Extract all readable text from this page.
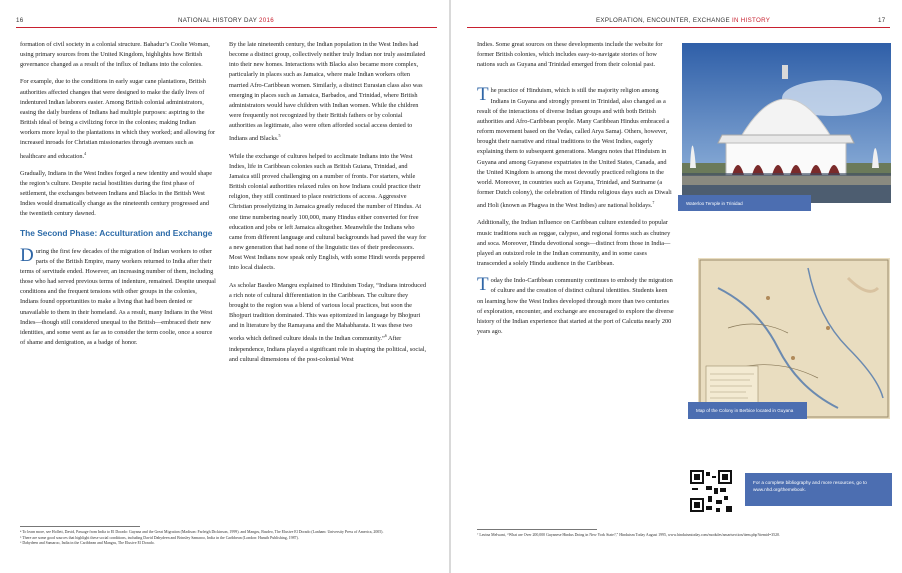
16	NATIONAL HISTORY DAY 2016

formation of civil society in a colonial structure. Bahadur’s Coolie Woman, using primary sources from the United Kingdom, highlights how British governance changed as a result of the influx of Indians into the colonies.

For example, due to the conditions in early sugar cane plantations, British authorities affected changes that were designed to make the daily lives of indentured Indian laborers easier. Among British colonial administrators, easing the daily burdens of Indians had multiple purposes: aspiring to the British ideal of being a civilizing force in the colonies; making Indian workers more loyal to the plantations in which they worked; and allowing for increased inroads for Christian missionaries through avenues such as healthcare and education.$^4$

Gradually, Indians in the West Indies forged a new identity and would shape the region’s culture. Despite racial hostilities during the first phase of settlement, the exchanges between Indians and Blacks in the British West Indies would dramatically change as the nineteenth century progressed and the twentieth century dawned.

The Second Phase: Acculturation and Exchange

During the first few decades of the migration of Indian workers to other parts of the British Empire, many workers returned to India after their terms of servitude ended. However, an increasing number of them, including those who had served previous terms of indenture, remained. Despite unequal conditions and the frequent tensions with other groups in the colonies, Indians found opportunities to make a living that had been denied or unavailable to them in their homeland. As a result, many Indians in the West Indies—though still considered unequal to the British—embraced their new identities, and some went as far as to consider the term coolie, once a source of shame and denigration, as a badge of honor.

By the late nineteenth century, the Indian population in the West Indies had become a distinct group, collectively neither truly Indian nor truly assimilated into their new homes. Interactions with Blacks also became more complex, particularly in places such as Jamaica, where male Indian workers often married Afro-Caribbean women. Similarly, a distinct Eurasian class also was emerging in places such as Jamaica, Barbados, and Trinidad, where British administrators would have children with Indian women. While the children were frequently not recognized by their British fathers or by colonial authorities as legitimate, also were often afforded social access denied to Indians and Blacks.$^5$

While the exchange of cultures helped to acclimate Indians into the West Indies, life in Caribbean colonies such as British Guiana, Trinidad, and Jamaica still proved challenging on a number of fronts. For starters, while British colonial authorities relaxed rules on how Indians could practice their religion, they still continued to place restrictions of access. Aggressive Christian proselytizing in Jamaica greatly reduced the number of Hindus. At one time numbering nearly 100,000, many Hindus either converted for free education and jobs or left Jamaica altogether. Meanwhile the Indians who came from different language and cultural backgrounds had paved the way for a new generation that had none of the linguistic ties of their predecessors. Most West Indians now speak only English, with some Hindi words peppered into local dialects.

As scholar Basdeo Mangru explained to Hinduism Today, “Indians introduced a rich note of cultural differentiation in the Caribbean. The culture they brought to the region was a blend of various local practices, but soon the Bhojpuri tradition dominated. This was epitomized in language by Bhojpuri and in literature by the Ramayana and the Mahabharata. It was these two works which defined culture ideals in the Indian community.”$^6$ After independence, Indians played a significant role in shaping the political, social, and cultural dimensions of the post-colonial West

⁴ To learn more, see Hollett, David, Passage from India to El Dorado: Guyana and the Great Migration (Madison: Farleigh Dickinson, 1999). and Mangru, Basdeo, The Elusive El Dorado (Lanham: University Press of America, 2005).
⁵ There are some good sources that highlight these social conditions, including David Dabydeen and Brinsley Samaroo, India in the Caribbean (London: Hansib Publishing, 1987).
⁶ Dabydeen and Samaroo, India in the Caribbean and Mangru, The Elusive El Dorado.
EXPLORATION, ENCOUNTER, EXCHANGE IN HISTORY	17

Indies. Some great sources on these developments include the website for former British colonies, which includes easy-to-navigate stories of how nations such as Guyana and Trinidad emerged from their colonial past.

The practice of Hinduism, which is still the majority religion among Indians in Guyana and strongly present in Trinidad, also changed as a result of the interactions of diverse Indian groups and with both British authorities and Afro-Caribbean people. Many Caribbean Hindus embraced a reform movement based on the Vedas, called Arya Samaj. Others, however, brought their narrative and ritual traditions to the West Indies, eagerly explaining them to subsequent generations. Mangru notes that Hinduism in Guyana and among Guyanese expatriates in the United States, Canada, and the United Kingdom is among the most devoutly practiced religions in the world. Moreover, in countries such as Guyana, Trinidad, and Suriname (a former Dutch colony), the celebration of Hindu religious days such as Diwali and Holi (known as Phagwa in the West Indies) are national holidays.$^7$

Additionally, the Indian influence on Caribbean culture extended to popular music traditions such as reggae, calypso, and regional forms such as chutney and soca. Moreover, Hindu devotional songs—distinct from those in India—played an outsized role in the Indian community, and in some cases transcended a solely Hindu audience in the Caribbean.

Today the Indo-Caribbean community continues to embody the migration of culture and the creation of distinct cultural identities. Students keen on learning how the West Indies developed through more than two centuries of exploration, encounter, and exchange are encouraged to explore the diverse history of the Indian experience that started at the port of Calcutta nearly 200 years ago.

Waterloo Temple in Trinidad
Map of the Colony in Berbice located in Guyana
For a complete bibliography and more resources, go to www.nhd.org/themebook.
⁷ Lavina Melwani, “What are Over 200,000 Guyanese Hindus Doing in New York State?,” Hinduism Today August 1995, www.hinduismtoday.com/modules/smartsection/item.php?itemid=3520.
